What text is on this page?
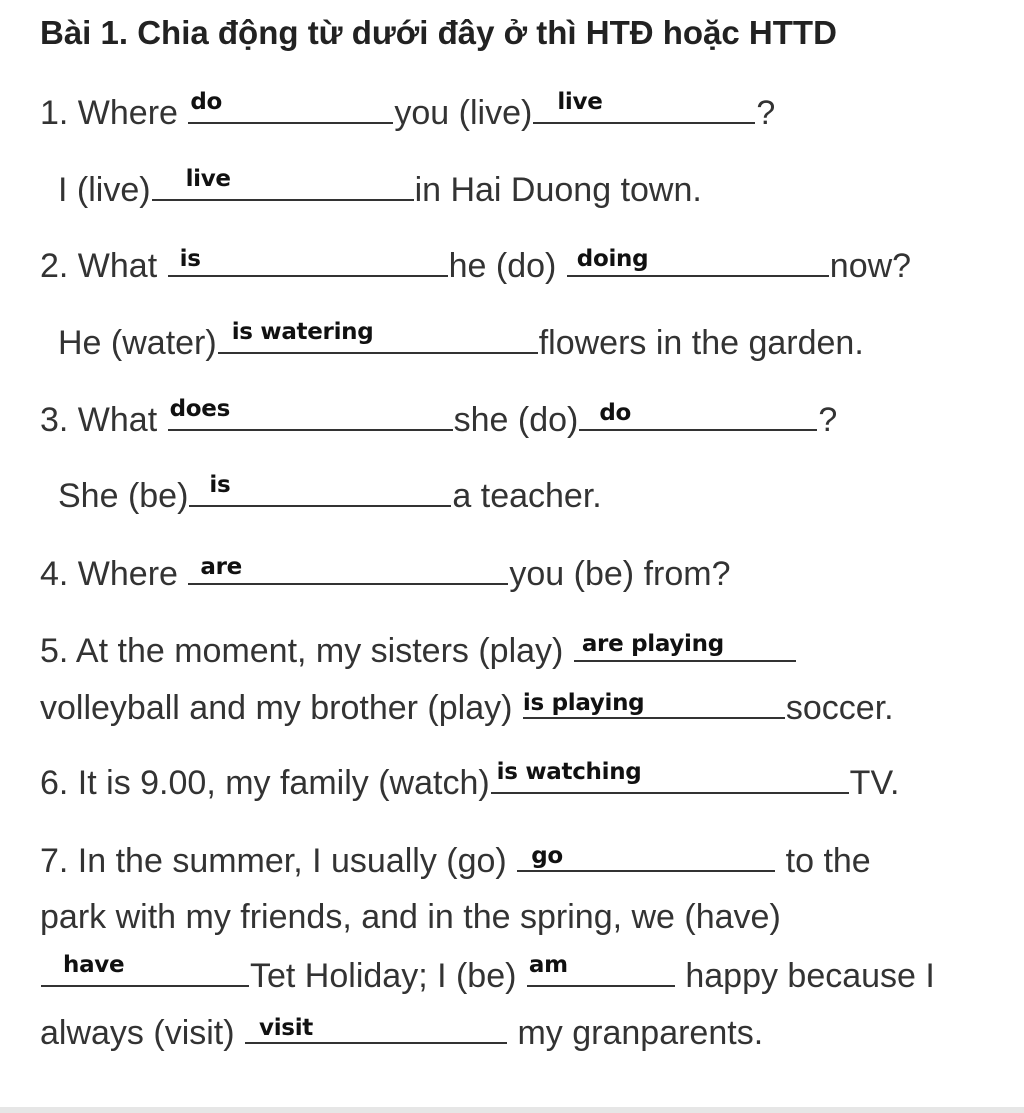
Bài 1. Chia động từ dưới đây ở thì HTĐ hoặc HTTD
1. Where do	you (live) live	?
I (live) live	in Hai Duong town.
2. What is	he (do) doing	now?
He (water) is watering	flowers in the garden.
3. What does	she (do) do	?
She (be) is	a teacher.
4. Where are	you (be) from?
5. At the moment, my sisters (play) are playing
volleyball and my brother (play) is playing	soccer.
6. It is 9.00, my family (watch) is watching	TV.
7. In the summer, I usually (go) go	to the
park with my friends, and in the spring, we (have)
have	Tet Holiday; I (be) am	happy because I
always (visit) visit	my granparents.
